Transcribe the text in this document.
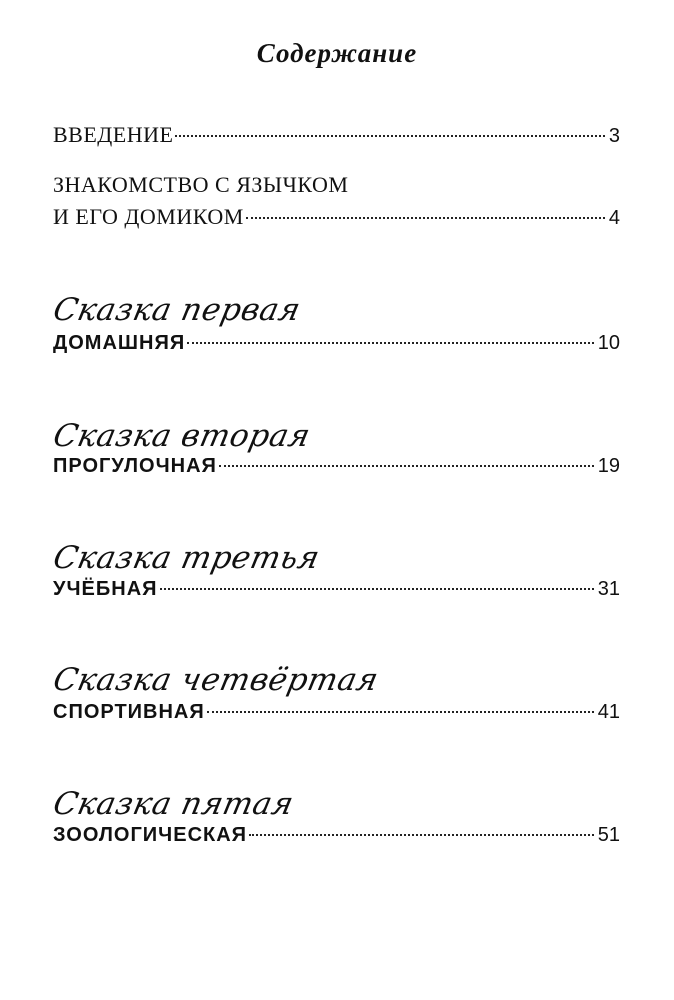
Содержание
ВВЕДЕНИЕ	3
ЗНАКОМСТВО С ЯЗЫЧКОМ
И ЕГО ДОМИКОМ	4
Сказка первая
ДОМАШНЯЯ	10
Сказка вторая
ПРОГУЛОЧНАЯ	19
Сказка третья
УЧЁБНАЯ	31
Сказка четвёртая
СПОРТИВНАЯ	41
Сказка пятая
ЗООЛОГИЧЕСКАЯ	51
